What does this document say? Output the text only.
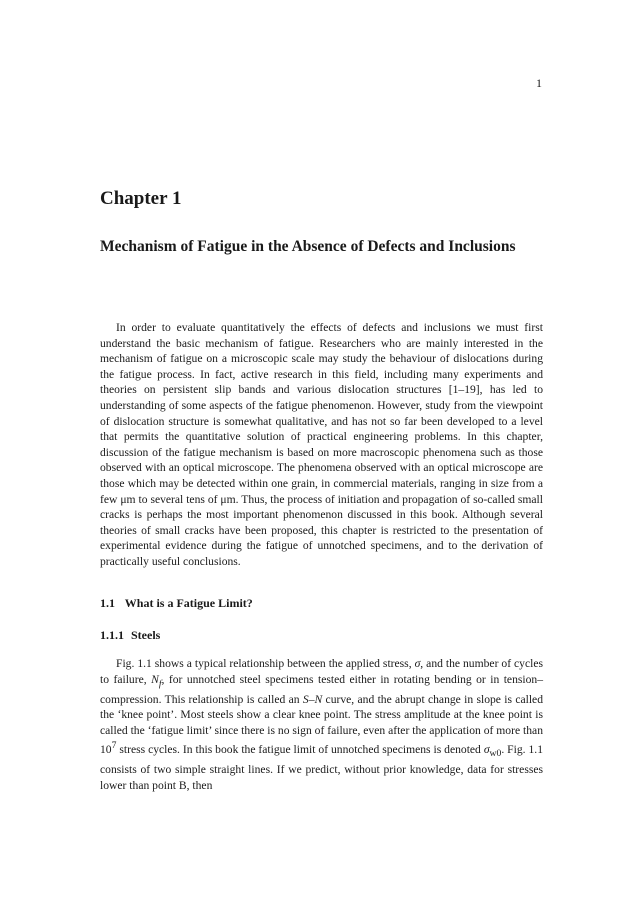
1
Chapter 1
Mechanism of Fatigue in the Absence of Defects and Inclusions

In order to evaluate quantitatively the effects of defects and inclusions we must first understand the basic mechanism of fatigue. Researchers who are mainly interested in the mechanism of fatigue on a microscopic scale may study the behaviour of dislocations during the fatigue process. In fact, active research in this field, including many experiments and theories on persistent slip bands and various dislocation structures [1–19], has led to understanding of some aspects of the fatigue phenomenon. However, study from the viewpoint of dislocation structure is somewhat qualitative, and has not so far been developed to a level that permits the quantitative solution of practical engineering problems. In this chapter, discussion of the fatigue mechanism is based on more macroscopic phenomena such as those observed with an optical microscope. The phenomena observed with an optical microscope are those which may be detected within one grain, in commercial materials, ranging in size from a few μm to several tens of μm. Thus, the process of initiation and propagation of so-called small cracks is perhaps the most important phenomenon discussed in this book. Although several theories of small cracks have been proposed, this chapter is restricted to the presentation of experimental evidence during the fatigue of unnotched specimens, and to the derivation of practically useful conclusions.

1.1 What is a Fatigue Limit?
1.1.1 Steels

Fig. 1.1 shows a typical relationship between the applied stress, σ, and the number of cycles to failure, $N_f$, for unnotched steel specimens tested either in rotating bending or in tension–compression. This relationship is called an S–N curve, and the abrupt change in slope is called the ‘knee point’. Most steels show a clear knee point. The stress amplitude at the knee point is called the ‘fatigue limit’ since there is no sign of failure, even after the application of more than $10^7$ stress cycles. In this book the fatigue limit of unnotched specimens is denoted $\sigma_{w0}$. Fig. 1.1 consists of two simple straight lines. If we predict, without prior knowledge, data for stresses lower than point B, then
